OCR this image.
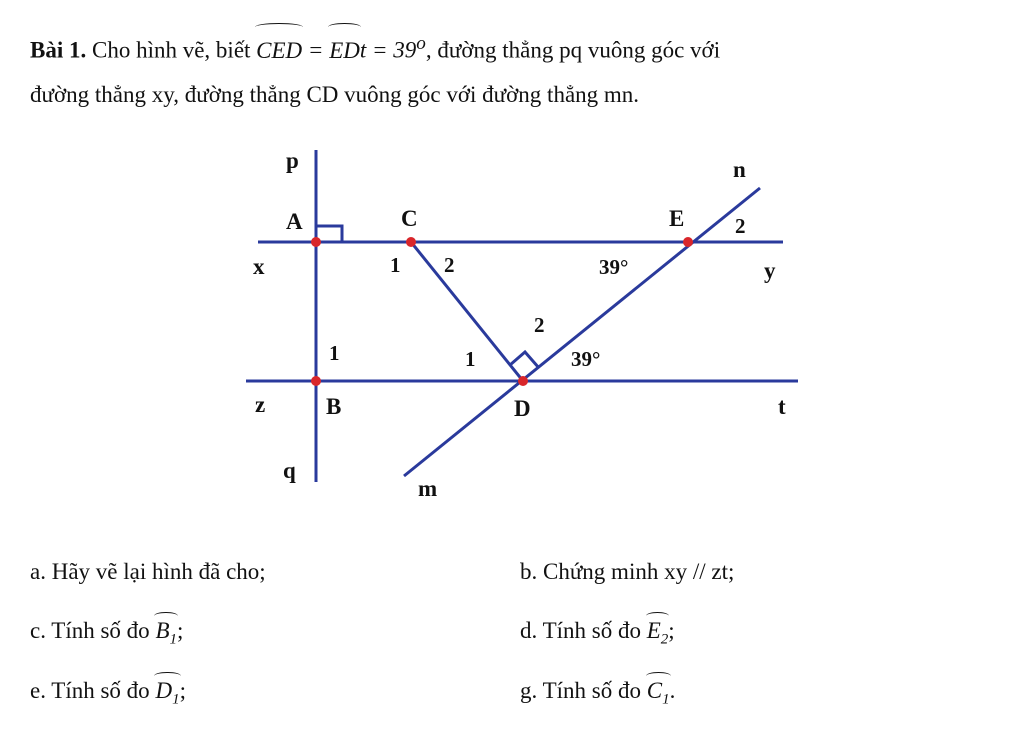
Bài 1. Cho hình vẽ, biết CED = EDt = $39^o$, đường thẳng pq vuông góc với
đường thẳng xy, đường thẳng CD vuông góc với đường thẳng mn.
p
q
n
m
x	y
z	t
A
B
C
D
E
1
1 2
1
2
2
39°
39°
a. Hãy vẽ lại hình đã cho;	b. Chứng minh xy // zt;
c. Tính số đo $B_1$;	d. Tính số đo $E_2$;
e. Tính số đo $D_1$;	g. Tính số đo $C_1$.
